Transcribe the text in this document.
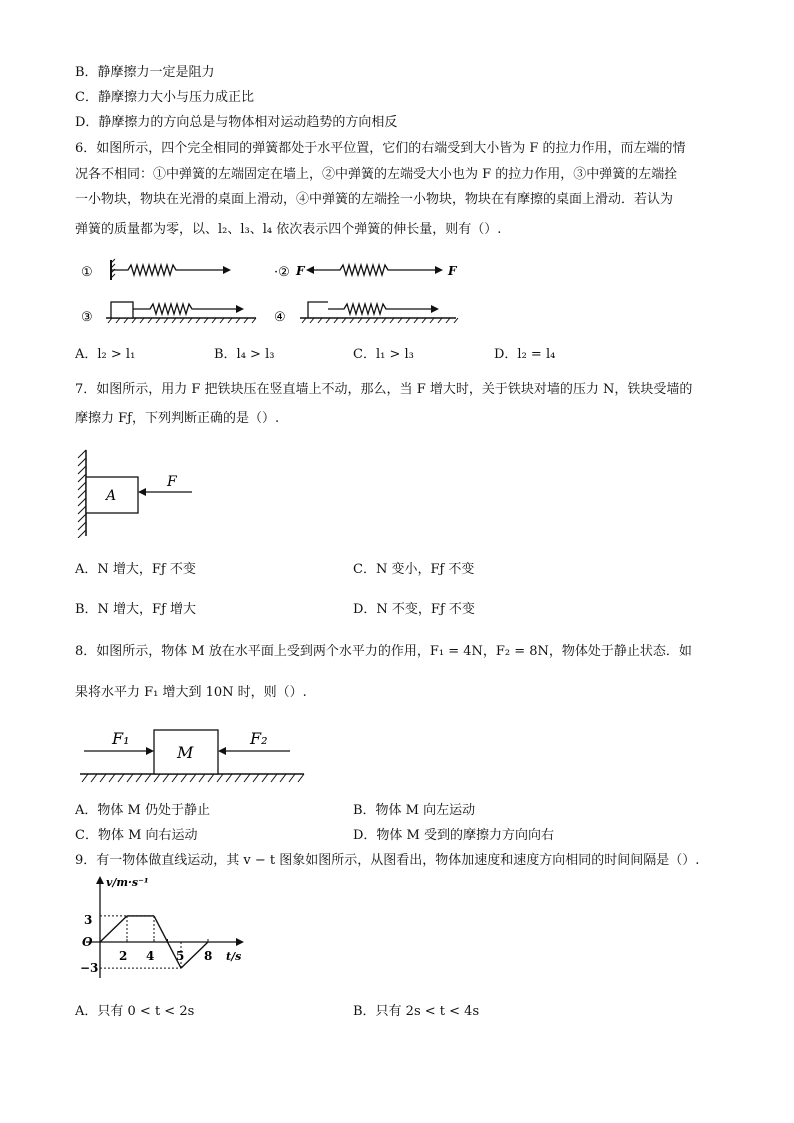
B．静摩擦力一定是阻力
C．静摩擦力大小与压力成正比
D．静摩擦力的方向总是与物体相对运动趋势的方向相反
6．如图所示，四个完全相同的弹簧都处于水平位置，它们的右端受到大小皆为 F 的拉力作用，而左端的情
况各不相同：①中弹簧的左端固定在墙上，②中弹簧的左端受大小也为 F 的拉力作用，③中弹簧的左端拴
一小物块，物块在光滑的桌面上滑动，④中弹簧的左端拴一小物块，物块在有摩擦的桌面上滑动．若认为
弹簧的质量都为零，以、l₂、l₃、l₄ 依次表示四个弹簧的伸长量，则有（）.
①	·② F	F
③	④
A．l₂ > l₁	B．l₄ > l₃	C．l₁ > l₃	D．l₂ = l₄
7．如图所示，用力 F 把铁块压在竖直墙上不动，那么，当 F 增大时，关于铁块对墙的压力 N，铁块受墙的
摩擦力 Fƒ，下列判断正确的是（）.
A
F
A．N 增大，Fƒ 不变	C．N 变小，Fƒ 不变
B．N 增大，Fƒ 增大	D．N 不变，Fƒ 不变
8．如图所示，物体 M 放在水平面上受到两个水平力的作用，F₁ = 4N，F₂ = 8N，物体处于静止状态．如
果将水平力 F₁ 增大到 10N 时，则（）.
M
F₁	F₂
A．物体 M 仍处于静止	B．物体 M 向左运动
C．物体 M 向右运动	D．物体 M 受到的摩擦力方向向右
9．有一物体做直线运动，其 v − t 图象如图所示，从图看出，物体加速度和速度方向相同的时间间隔是（）.
v/m·s⁻¹
t/s
3
O
−3
2 4 5 8
A．只有 0 < t < 2s	B．只有 2s < t < 4s
